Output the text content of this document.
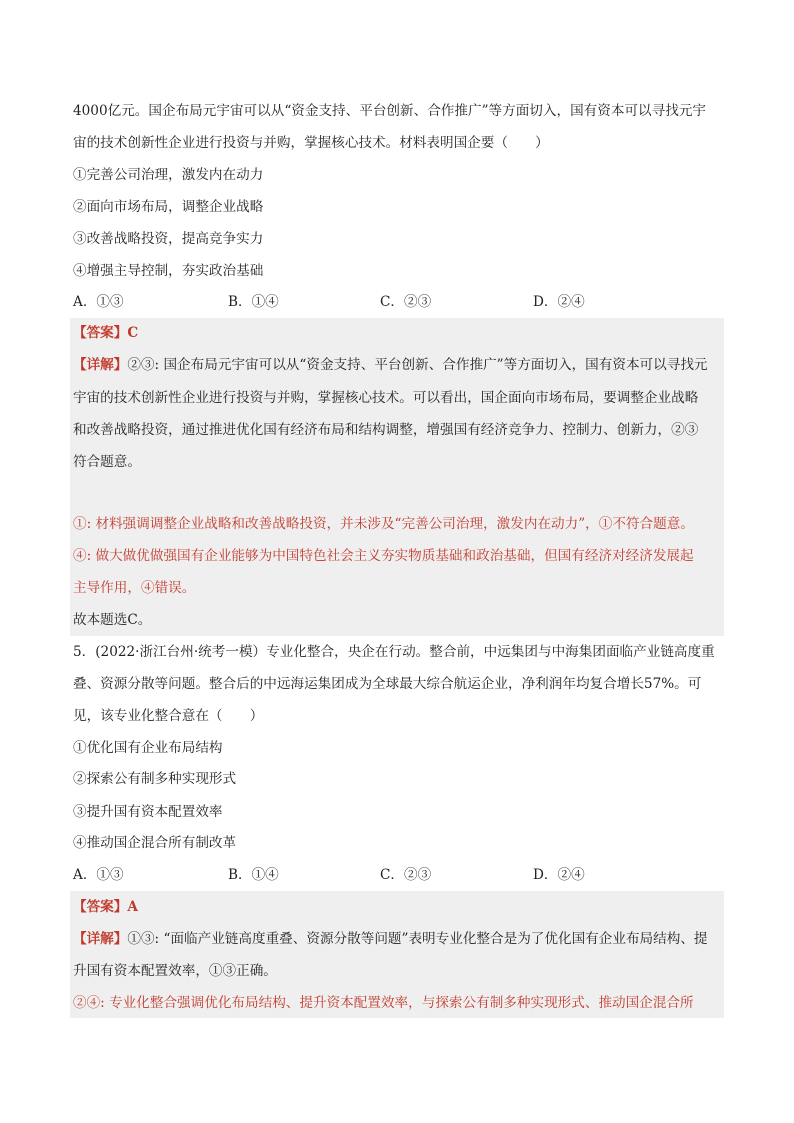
4000亿元。国企布局元宇宙可以从“资金支持、平台创新、合作推广”等方面切入，国有资本可以寻找元宇
宙的技术创新性企业进行投资与并购，掌握核心技术。材料表明国企要（　　）
①完善公司治理，激发内在动力
②面向市场布局，调整企业战略
③改善战略投资，提高竞争实力
④增强主导控制，夯实政治基础
A．①③	B．①④	C．②③	D．②④
【答案】C
【详解】②③: 国企布局元宇宙可以从“资金支持、平台创新、合作推广”等方面切入，国有资本可以寻找元
宇宙的技术创新性企业进行投资与并购，掌握核心技术。可以看出，国企面向市场布局，要调整企业战略
和改善战略投资，通过推进优化国有经济布局和结构调整，增强国有经济竞争力、控制力、创新力，②③
符合题意。
①: 材料强调调整企业战略和改善战略投资，并未涉及“完善公司治理，激发内在动力”，①不符合题意。
④: 做大做优做强国有企业能够为中国特色社会主义夯实物质基础和政治基础，但国有经济对经济发展起
主导作用，④错误。
故本题选C。
5．(2022·浙江台州·统考一模）专业化整合，央企在行动。整合前，中远集团与中海集团面临产业链高度重
叠、资源分散等问题。整合后的中远海运集团成为全球最大综合航运企业，净利润年均复合增长57%。可
见，该专业化整合意在（　　）
①优化国有企业布局结构
②探索公有制多种实现形式
③提升国有资本配置效率
④推动国企混合所有制改革
A．①③	B．①④	C．②③	D．②④
【答案】A
【详解】①③: “面临产业链高度重叠、资源分散等问题”表明专业化整合是为了优化国有企业布局结构、提
升国有资本配置效率，①③正确。
②④: 专业化整合强调优化布局结构、提升资本配置效率，与探索公有制多种实现形式、推动国企混合所
